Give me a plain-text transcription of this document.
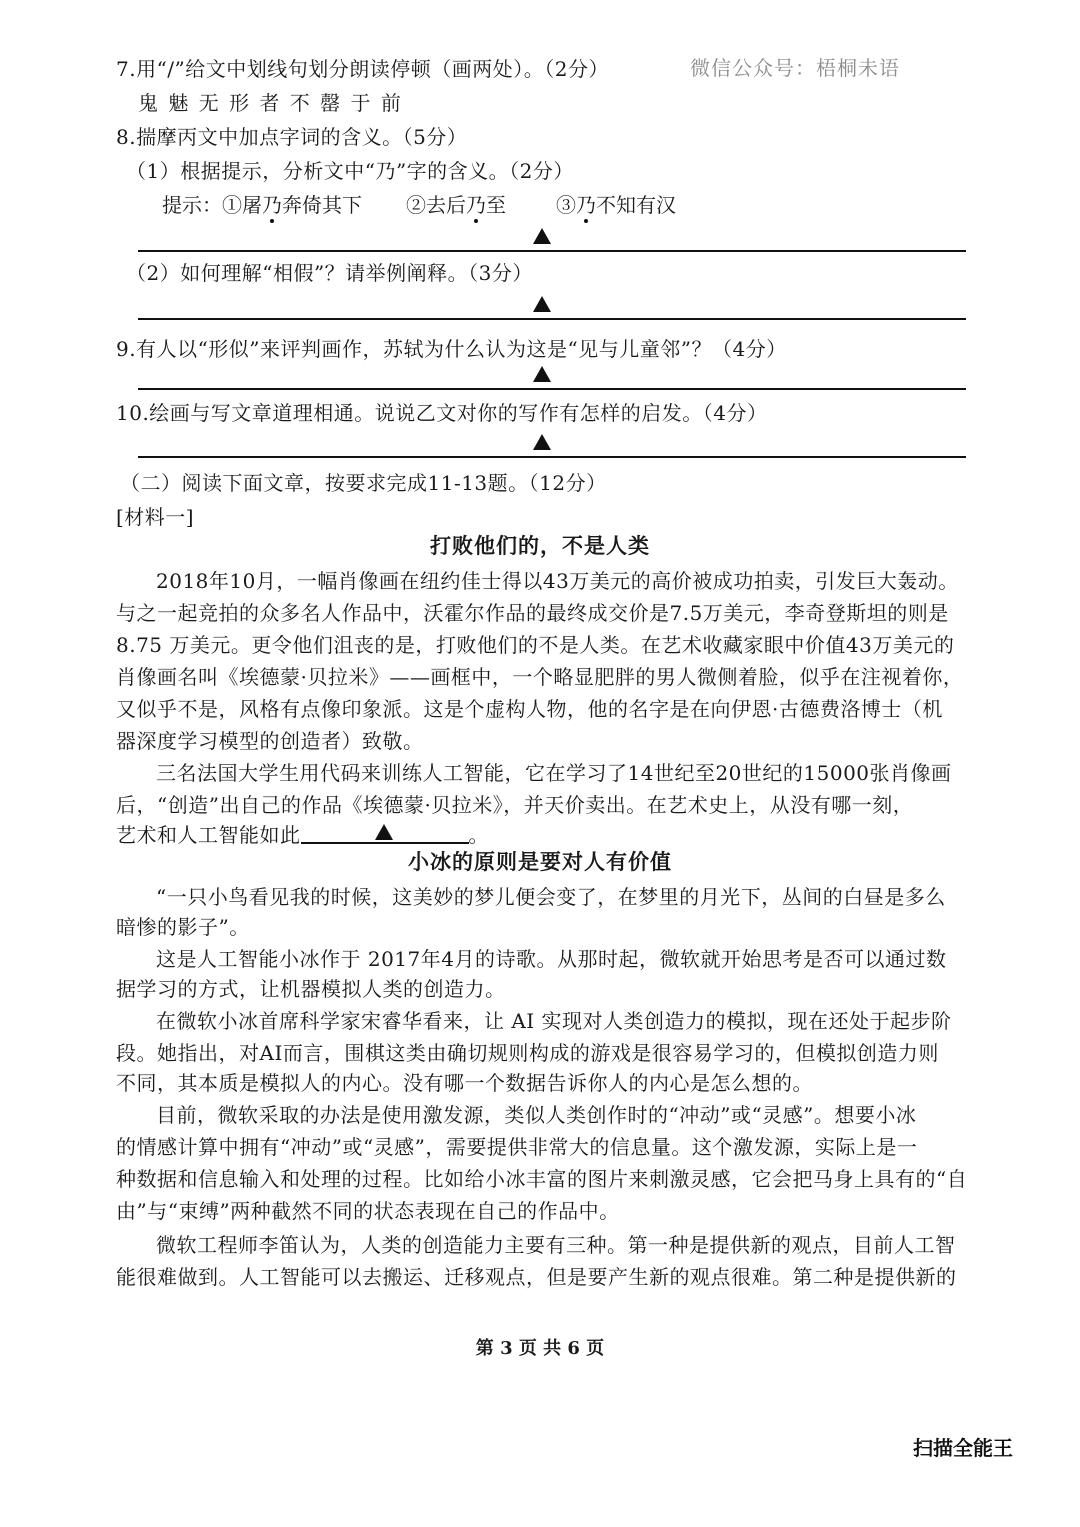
7.用“/”给文中划线句划分朗读停顿（画两处）。（2分）	微信公众号：梧桐未语
鬼 魅 无 形 者 不 罄 于 前
8.揣摩丙文中加点字词的含义。（5分）
（1）根据提示，分析文中“乃”字的含义。（2分）
提示：①屠乃奔倚其下 ②去后乃至	③乃不知有汉
（2）如何理解“相假”？请举例阐释。（3分）
9.有人以“形似”来评判画作，苏轼为什么认为这是“见与儿童邻”？（4分）
10.绘画与写文章道理相通。说说乙文对你的写作有怎样的启发。（4分）
（二）阅读下面文章，按要求完成11-13题。（12分）
[材料一]
打败他们的，不是人类
2018年10月，一幅肖像画在纽约佳士得以43万美元的高价被成功拍卖，引发巨大轰动。
与之一起竞拍的众多名人作品中，沃霍尔作品的最终成交价是7.5万美元，李奇登斯坦的则是
8.75 万美元。更令他们沮丧的是，打败他们的不是人类。在艺术收藏家眼中价值43万美元的
肖像画名叫《埃德蒙·贝拉米》——画框中，一个略显肥胖的男人微侧着脸，似乎在注视着你，
又似乎不是，风格有点像印象派。这是个虚构人物，他的名字是在向伊恩·古德费洛博士（机
器深度学习模型的创造者）致敬。
三名法国大学生用代码来训练人工智能，它在学习了14世纪至20世纪的15000张肖像画
后，“创造”出自己的作品《埃德蒙·贝拉米》，并天价卖出。在艺术史上，从没有哪一刻，
艺术和人工智能如此	。
小冰的原则是要对人有价值
“一只小鸟看见我的时候，这美妙的梦儿便会变了，在梦里的月光下，丛间的白昼是多么
暗惨的影子”。
这是人工智能小冰作于 2017年4月的诗歌。从那时起，微软就开始思考是否可以通过数
据学习的方式，让机器模拟人类的创造力。
在微软小冰首席科学家宋睿华看来，让 AI 实现对人类创造力的模拟，现在还处于起步阶
段。她指出，对AI而言，围棋这类由确切规则构成的游戏是很容易学习的，但模拟创造力则
不同，其本质是模拟人的内心。没有哪一个数据告诉你人的内心是怎么想的。
目前，微软采取的办法是使用激发源，类似人类创作时的“冲动”或“灵感”。想要小冰
的情感计算中拥有“冲动”或“灵感”，需要提供非常大的信息量。这个激发源，实际上是一
种数据和信息输入和处理的过程。比如给小冰丰富的图片来刺激灵感，它会把马身上具有的“自
由”与“束缚”两种截然不同的状态表现在自己的作品中。
微软工程师李笛认为，人类的创造能力主要有三种。第一种是提供新的观点，目前人工智
能很难做到。人工智能可以去搬运、迁移观点，但是要产生新的观点很难。第二种是提供新的
第 3 页 共 6 页
扫描全能王
